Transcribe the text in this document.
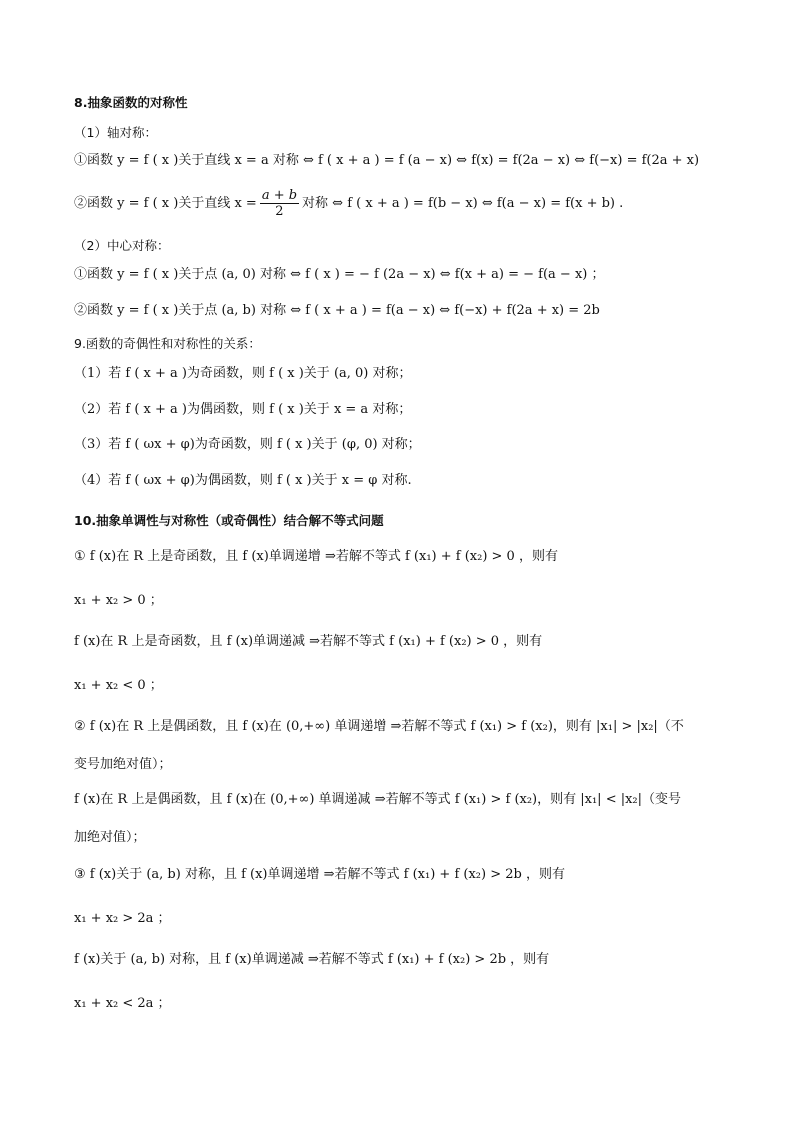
8.抽象函数的对称性
（1）轴对称：
①函数 y = f ( x )关于直线 x = a 对称 ⇔ f ( x + a ) = f (a − x) ⇔ f(x) = f(2a − x) ⇔ f(−x) = f(2a + x)
②函数 y = f ( x )关于直线 $x = \frac{a + b}{2}$ 对称 ⇔ f ( x + a ) = f(b − x) ⇔ f(a − x) = f(x + b) .
（2）中心对称：
①函数 y = f ( x )关于点 (a, 0) 对称 ⇔ f ( x ) = − f (2a − x) ⇔ f(x + a) = − f(a − x) ；
②函数 y = f ( x )关于点 (a, b) 对称 ⇔ f ( x + a ) = f(a − x) ⇔ f(−x) + f(2a + x) = 2b
9.函数的奇偶性和对称性的关系：
（1）若 f ( x + a )为奇函数，则 f ( x )关于 (a, 0) 对称；
（2）若 f ( x + a )为偶函数，则 f ( x )关于 x = a 对称；
（3）若 f ( ωx + φ)为奇函数，则 f ( x )关于 (φ, 0) 对称；
（4）若 f ( ωx + φ)为偶函数，则 f ( x )关于 x = φ 对称.
10.抽象单调性与对称性（或奇偶性）结合解不等式问题
① f (x)在 R 上是奇函数，且 f (x)单调递增 ⇒若解不等式 f (x₁) + f (x₂) > 0 ，则有
x₁ + x₂ > 0 ；
f (x)在 R 上是奇函数，且 f (x)单调递减 ⇒若解不等式 f (x₁) + f (x₂) > 0 ，则有
x₁ + x₂ < 0 ；
② f (x)在 R 上是偶函数，且 f (x)在 (0,+∞) 单调递增 ⇒若解不等式 f (x₁) > f (x₂)，则有 |x₁| > |x₂|（不
变号加绝对值）；
f (x)在 R 上是偶函数，且 f (x)在 (0,+∞) 单调递减 ⇒若解不等式 f (x₁) > f (x₂)，则有 |x₁| < |x₂|（变号
加绝对值）；
③ f (x)关于 (a, b) 对称，且 f (x)单调递增 ⇒若解不等式 f (x₁) + f (x₂) > 2b ，则有
x₁ + x₂ > 2a ；
f (x)关于 (a, b) 对称，且 f (x)单调递减 ⇒若解不等式 f (x₁) + f (x₂) > 2b ，则有
x₁ + x₂ < 2a ；
